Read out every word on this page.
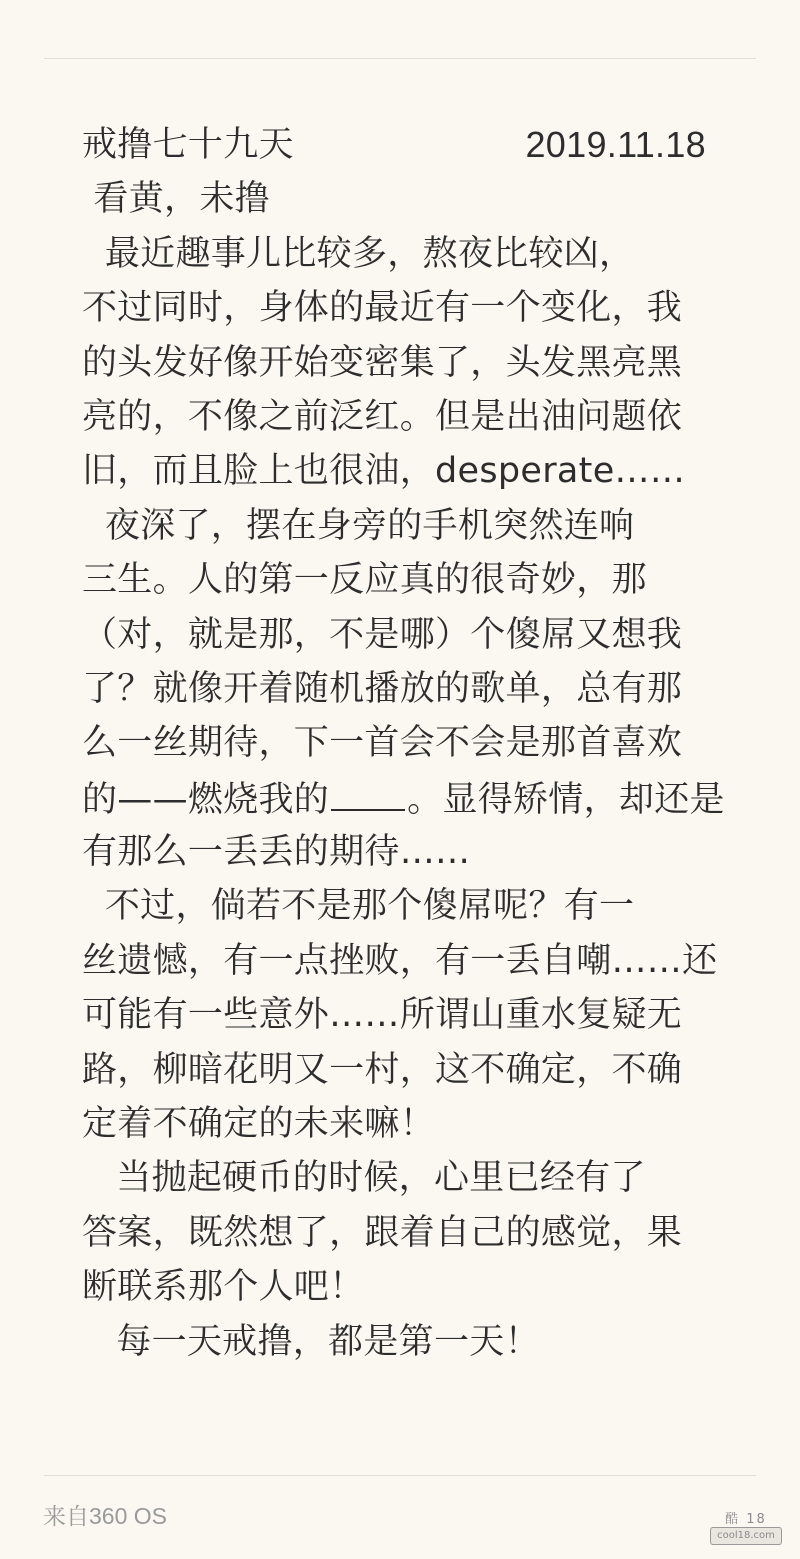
戒撸七十九天	2019.11.18
看黄，未撸
最近趣事儿比较多，熬夜比较凶，
不过同时，身体的最近有一个变化，我
的头发好像开始变密集了，头发黑亮黑
亮的，不像之前泛红。但是出油问题依
旧，而且脸上也很油，desperate……
夜深了，摆在身旁的手机突然连响
三生。人的第一反应真的很奇妙，那
（对，就是那，不是哪）个傻屌又想我
了？就像开着随机播放的歌单，总有那
么一丝期待，下一首会不会是那首喜欢
的——燃烧我的 。显得矫情，却还是
有那么一丢丢的期待……
不过，倘若不是那个傻屌呢？有一
丝遗憾，有一点挫败，有一丢自嘲……还
可能有一些意外……所谓山重水复疑无
路，柳暗花明又一村，这不确定，不确
定着不确定的未来嘛！
当抛起硬币的时候，心里已经有了
答案，既然想了，跟着自己的感觉，果
断联系那个人吧！
每一天戒撸，都是第一天！
来自360 OS	酷 18
cool18.com
